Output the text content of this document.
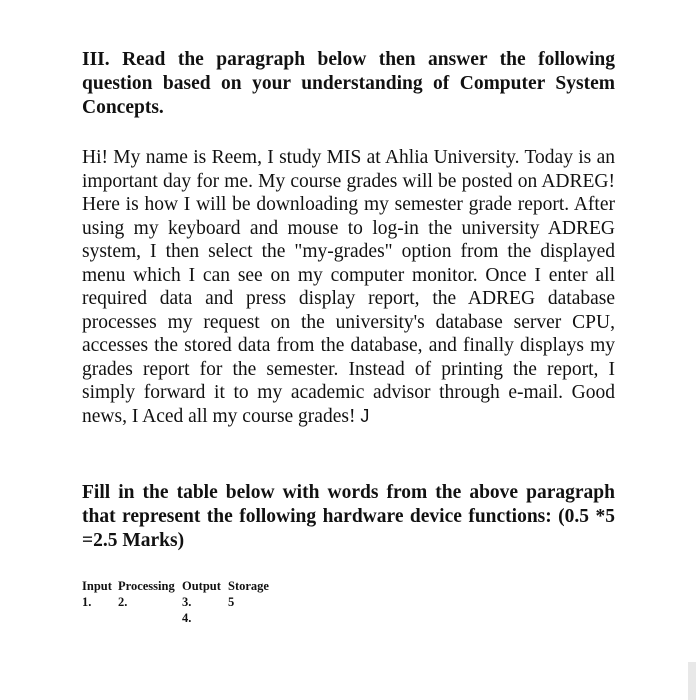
III. Read the paragraph below then answer the following question based on your understanding of Computer System Concepts.

Hi! My name is Reem, I study MIS at Ahlia University. Today is an important day for me. My course grades will be posted on ADREG! Here is how I will be downloading my semester grade report. After using my keyboard and mouse to log-in the university ADREG system, I then select the "my-grades" option from the displayed menu which I can see on my computer monitor. Once I enter all required data and press display report, the ADREG database processes my request on the university's database server CPU, accesses the stored data from the database, and finally displays my grades report for the semester. Instead of printing the report, I simply forward it to my academic advisor through e-mail. Good news, I Aced all my course grades! J

Fill in the table below with words from the above paragraph that represent the following hardware device functions: (0.5 *5 =2.5 Marks)

Input Processing Output Storage
1. 2.	3.	5
4.
